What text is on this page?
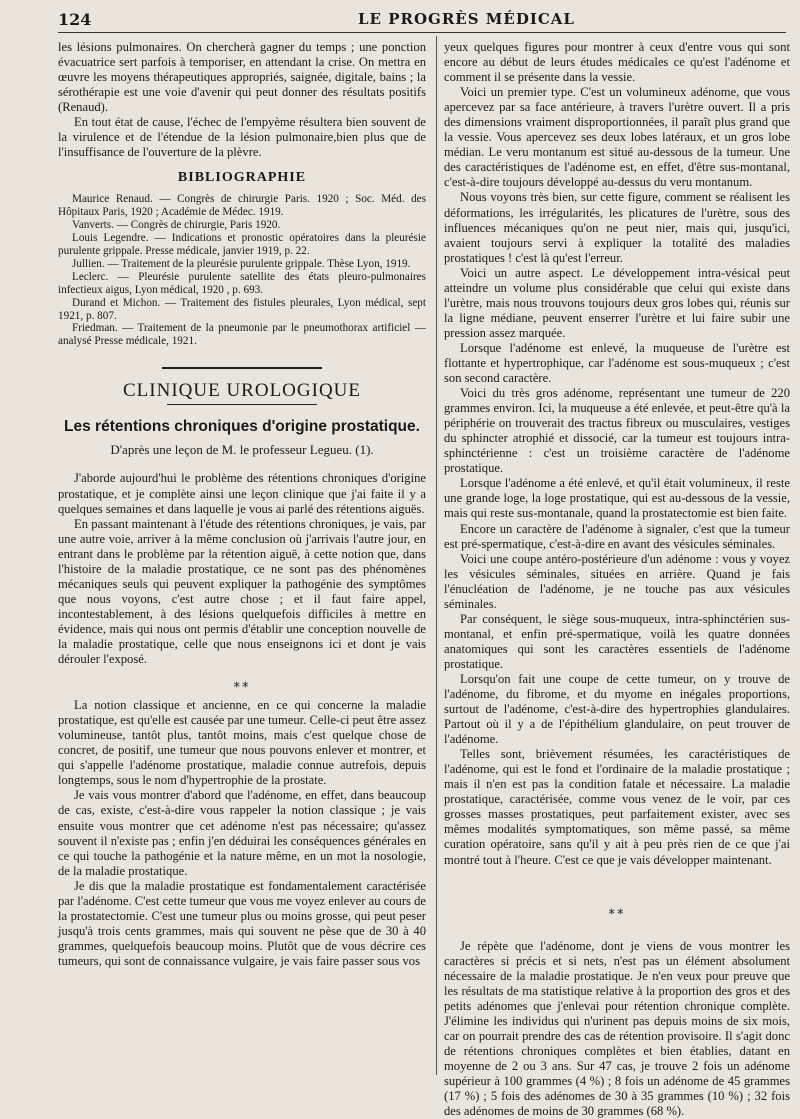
124	LE PROGRÈS MÉDICAL

les lésions pulmonaires. On chercherà gagner du temps ; une ponction évacuatrice sert parfois à temporiser, en attendant la crise. On mettra en œuvre les moyens thérapeutiques appropriés, saignée, digitale, bains ; la sérothérapie est une voie d'avenir qui peut donner des résultats positifs (Renaud).

En tout état de cause, l'échec de l'empyème résultera bien souvent de la virulence et de l'étendue de la lésion pulmonaire,bien plus que de l'insuffisance de l'ouverture de la plèvre.

BIBLIOGRAPHIE

Maurice Renaud. — Congrès de chirurgie Paris. 1920 ; Soc. Méd. des Hôpitaux Paris, 1920 ; Académie de Médec. 1919.

Vanverts. — Congrès de chirurgie, Paris 1920.

Louis Legendre. — Indications et pronostic opératoires dans la pleurésie purulente grippale. Presse médicale, janvier 1919, p. 22.

Jullien. — Traitement de la pleurésie purulente grippale. Thèse Lyon, 1919.

Leclerc. — Pleurésie purulente satellite des états pleuro-pulmonaires infectieux aigus, Lyon médical, 1920 , p. 693.

Durand et Michon. — Traitement des fistules pleurales, Lyon médical, sept 1921, p. 807.

Friedman. — Traitement de la pneumonie par le pneumothorax artificiel — analysé Presse médicale, 1921.

CLINIQUE UROLOGIQUE

Les rétentions chroniques d'origine prostatique.

D'après une leçon de M. le professeur Legueu. (1).

J'aborde aujourd'hui le problème des rétentions chroniques d'origine prostatique, et je complète ainsi une leçon clinique que j'ai faite il y a quelques semaines et dans laquelle je vous ai parlé des rétentions aiguës.

En passant maintenant à l'étude des rétentions chroniques, je vais, par une autre voie, arriver à la même conclusion où j'arrivais l'autre jour, en entrant dans le problème par la rétention aiguë, à cette notion que, dans l'histoire de la maladie prostatique, ce ne sont pas des phénomènes mécaniques seuls qui peuvent expliquer la pathogénie des symptômes que nous voyons, c'est autre chose ; et il faut faire appel, incontestablement, à des lésions quelquefois difficiles à mettre en évidence, mais qui nous ont permis d'établir une conception nouvelle de la maladie prostatique, celle que nous enseignons ici et dont je vais dérouler l'exposé.

⁎⁎

La notion classique et ancienne, en ce qui concerne la maladie prostatique, est qu'elle est causée par une tumeur. Celle-ci peut être assez volumineuse, tantôt plus, tantôt moins, mais c'est quelque chose de concret, de positif, une tumeur que nous pouvons enlever et montrer, et qui s'appelle l'adénome prostatique, maladie connue autrefois, depuis longtemps, sous le nom d'hypertrophie de la prostate.

Je vais vous montrer d'abord que l'adénome, en effet, dans beaucoup de cas, existe, c'est-à-dire vous rappeler la notion classique ; je vais ensuite vous montrer que cet adénome n'est pas nécessaire; qu'assez souvent il n'existe pas ; enfin j'en déduirai les conséquences générales en ce qui touche la pathogénie et la nature même, en un mot la nosologie, de la maladie prostatique.

Je dis que la maladie prostatique est fondamentalement caractérisée par l'adénome. C'est cette tumeur que vous me voyez enlever au cours de la prostatectomie. C'est une tumeur plus ou moins grosse, qui peut peser jusqu'à trois cents grammes, mais qui souvent ne pèse que de 30 à 40 grammes, quelquefois beaucoup moins. Plutôt que de vous décrire ces tumeurs, qui sont de connaissance vulgaire, je vais faire passer sous vos

yeux quelques figures pour montrer à ceux d'entre vous qui sont encore au début de leurs études médicales ce qu'est l'adénome et comment il se présente dans la vessie.

Voici un premier type. C'est un volumineux adénome, que vous apercevez par sa face antérieure, à travers l'urètre ouvert. Il a pris des dimensions vraiment disproportionnées, il paraît plus grand que la vessie. Vous apercevez ses deux lobes latéraux, et un gros lobe médian. Le veru montanum est situé au-dessous de la tumeur. Une des caractéristiques de l'adénome est, en effet, d'être sus-montanal, c'est-à-dire toujours développé au-dessus du veru montanum.

Nous voyons très bien, sur cette figure, comment se réalisent les déformations, les irrégularités, les plicatures de l'urètre, sous des influences mécaniques qu'on ne peut nier, mais qui, jusqu'ici, avaient toujours servi à expliquer la totalité des maladies prostatiques ! c'est là qu'est l'erreur.

Voici un autre aspect. Le développement intra-vésical peut atteindre un volume plus considérable que celui qui existe dans l'urètre, mais nous trouvons toujours deux gros lobes qui, réunis sur la ligne médiane, peuvent enserrer l'urètre et lui faire subir une pression assez marquée.

Lorsque l'adénome est enlevé, la muqueuse de l'urètre est flottante et hypertrophique, car l'adénome est sous-muqueux ; c'est son second caractère.

Voici du très gros adénome, représentant une tumeur de 220 grammes environ. Ici, la muqueuse a été enlevée, et peut-être qu'à la périphérie on trouverait des tractus fibreux ou musculaires, vestiges du sphincter atrophié et dissocié, car la tumeur est toujours intra-sphinctérienne : c'est un troisième caractère de l'adénome prostatique.

Lorsque l'adénome a été enlevé, et qu'il était volumineux, il reste une grande loge, la loge prostatique, qui est au-dessous de la vessie, mais qui reste sus-montanale, quand la prostatectomie est bien faite.

Encore un caractère de l'adénome à signaler, c'est que la tumeur est pré-spermatique, c'est-à-dire en avant des vésicules séminales.

Voici une coupe antéro-postérieure d'un adénome : vous y voyez les vésicules séminales, situées en arrière. Quand je fais l'énucléation de l'adénome, je ne touche pas aux vésicules séminales.

Par conséquent, le siège sous-muqueux, intra-sphinctérien sus-montanal, et enfin pré-spermatique, voilà les quatre données anatomiques qui sont les caractères essentiels de l'adénome prostatique.

Lorsqu'on fait une coupe de cette tumeur, on y trouve de l'adénome, du fibrome, et du myome en inégales proportions, surtout de l'adénome, c'est-à-dire des hypertrophies glandulaires. Partout où il y a de l'épithélium glandulaire, on peut trouver de l'adénome.

Telles sont, brièvement résumées, les caractéristiques de l'adénome, qui est le fond et l'ordinaire de la maladie prostatique ; mais il n'en est pas la condition fatale et nécessaire. La maladie prostatique, caractérisée, comme vous venez de le voir, par ces grosses masses prostatiques, peut parfaitement exister, avec ses mêmes modalités symptomatiques, son même passé, sa même curation opératoire, sans qu'il y ait à peu près rien de ce que j'ai montré tout à l'heure. C'est ce que je vais développer maintenant.

⁎⁎

Je répète que l'adénome, dont je viens de vous montrer les caractères si précis et si nets, n'est pas un élément absolument nécessaire de la maladie prostatique. Je n'en veux pour preuve que les résultats de ma statistique relative à la proportion des gros et des petits adénomes que j'enlevai pour rétention chronique complète. J'élimine les individus qui n'urinent pas depuis moins de six mois, car on pourrait prendre des cas de rétention provisoire. Il s'agit donc de rétentions chroniques complètes et bien établies, datant en moyenne de 2 ou 3 ans. Sur 47 cas, je trouve 2 fois un adénome supérieur à 100 grammes (4 %) ; 8 fois un adénome de 45 grammes (17 %) ; 5 fois des adénomes de 30 à 35 grammes (10 %) ; 32 fois des adénomes de moins de 30 grammes (68 %).
